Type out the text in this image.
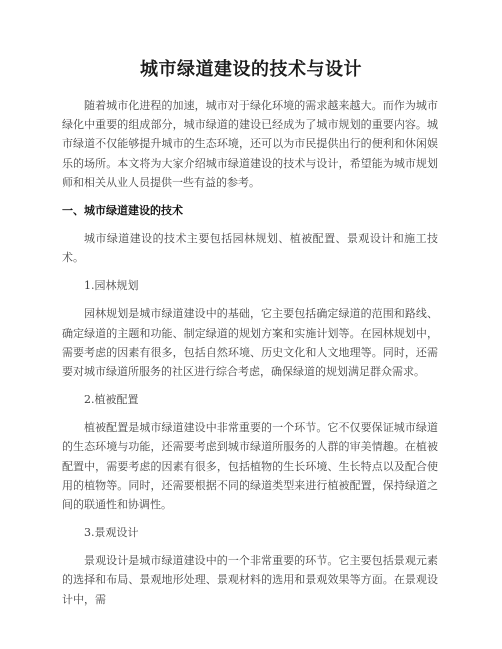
城市绿道建设的技术与设计

随着城市化进程的加速，城市对于绿化环境的需求越来越大。而作为城市绿化中重要的组成部分，城市绿道的建设已经成为了城市规划的重要内容。城市绿道不仅能够提升城市的生态环境，还可以为市民提供出行的便利和休闲娱乐的场所。本文将为大家介绍城市绿道建设的技术与设计，希望能为城市规划师和相关从业人员提供一些有益的参考。

一、城市绿道建设的技术

城市绿道建设的技术主要包括园林规划、植被配置、景观设计和施工技术。

1.园林规划

园林规划是城市绿道建设中的基础，它主要包括确定绿道的范围和路线、确定绿道的主题和功能、制定绿道的规划方案和实施计划等。在园林规划中，需要考虑的因素有很多，包括自然环境、历史文化和人文地理等。同时，还需要对城市绿道所服务的社区进行综合考虑，确保绿道的规划满足群众需求。

2.植被配置

植被配置是城市绿道建设中非常重要的一个环节。它不仅要保证城市绿道的生态环境与功能，还需要考虑到城市绿道所服务的人群的审美情趣。在植被配置中，需要考虑的因素有很多，包括植物的生长环境、生长特点以及配合使用的植物等。同时，还需要根据不同的绿道类型来进行植被配置，保持绿道之间的联通性和协调性。

3.景观设计

景观设计是城市绿道建设中的一个非常重要的环节。它主要包括景观元素的选择和布局、景观地形处理、景观材料的选用和景观效果等方面。在景观设计中，需
